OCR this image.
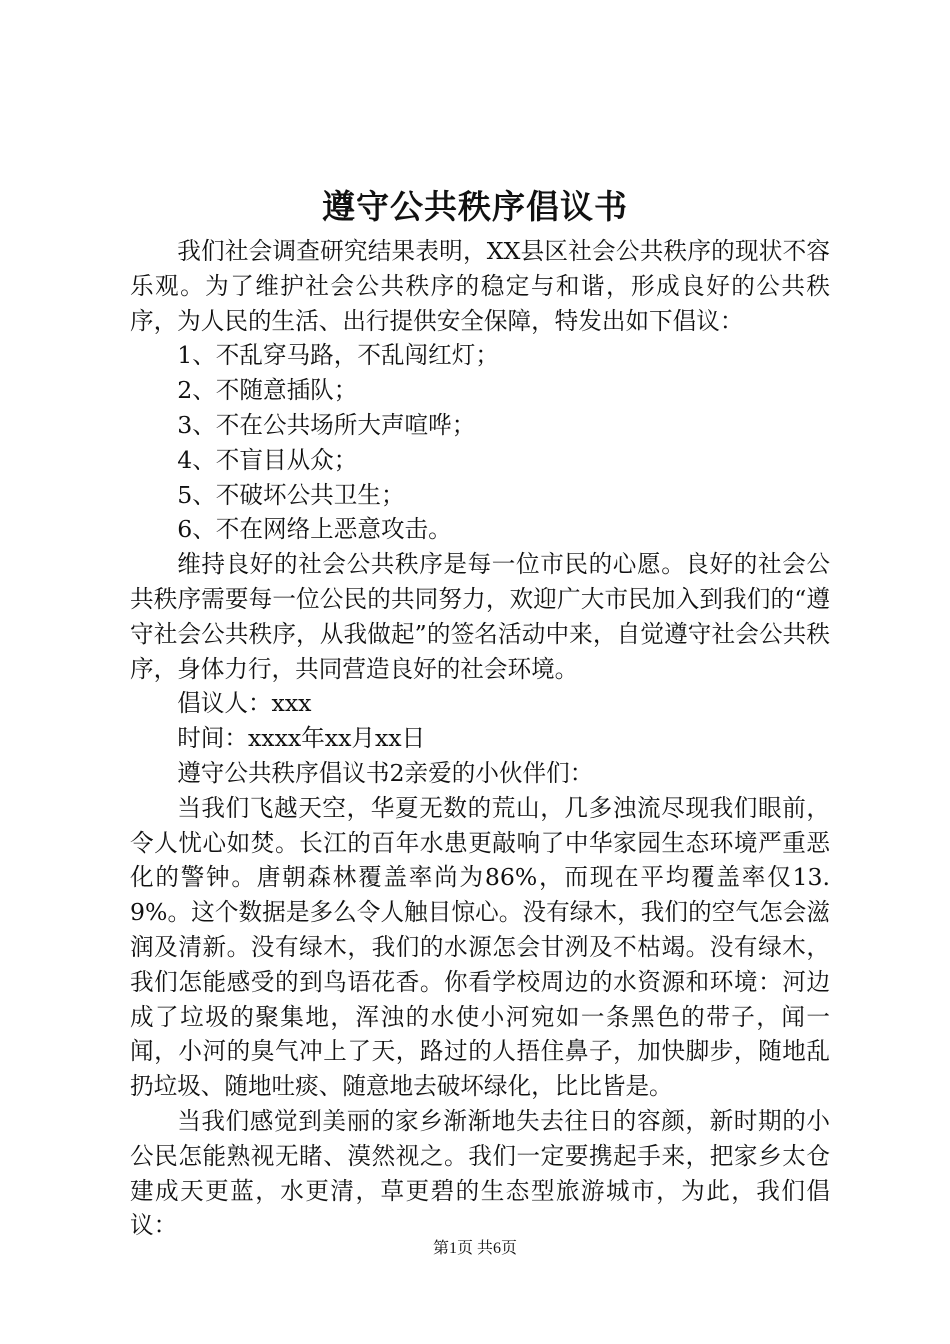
遵守公共秩序倡议书

我们社会调查研究结果表明，XX县区社会公共秩序的现状不容乐观。为了维护社会公共秩序的稳定与和谐，形成良好的公共秩序，为人民的生活、出行提供安全保障，特发出如下倡议：

1、不乱穿马路，不乱闯红灯；

2、不随意插队；

3、不在公共场所大声喧哗；

4、不盲目从众；

5、不破坏公共卫生；

6、不在网络上恶意攻击。

维持良好的社会公共秩序是每一位市民的心愿。良好的社会公共秩序需要每一位公民的共同努力，欢迎广大市民加入到我们的“遵守社会公共秩序，从我做起”的签名活动中来，自觉遵守社会公共秩序，身体力行，共同营造良好的社会环境。

倡议人：xxx

时间：xxxx年xx月xx日

遵守公共秩序倡议书2亲爱的小伙伴们：

当我们飞越天空，华夏无数的荒山，几多浊流尽现我们眼前，令人忧心如焚。长江的百年水患更敲响了中华家园生态环境严重恶化的警钟。唐朝森林覆盖率尚为86%，而现在平均覆盖率仅13.9%。这个数据是多么令人触目惊心。没有绿木，我们的空气怎会滋润及清新。没有绿木，我们的水源怎会甘洌及不枯竭。没有绿木，我们怎能感受的到鸟语花香。你看学校周边的水资源和环境：河边成了垃圾的聚集地，浑浊的水使小河宛如一条黑色的带子，闻一闻，小河的臭气冲上了天，路过的人捂住鼻子，加快脚步，随地乱扔垃圾、随地吐痰、随意地去破坏绿化，比比皆是。

当我们感觉到美丽的家乡渐渐地失去往日的容颜，新时期的小公民怎能熟视无睹、漠然视之。我们一定要携起手来，把家乡太仓建成天更蓝，水更清，草更碧的生态型旅游城市，为此，我们倡议：

第1页 共6页
